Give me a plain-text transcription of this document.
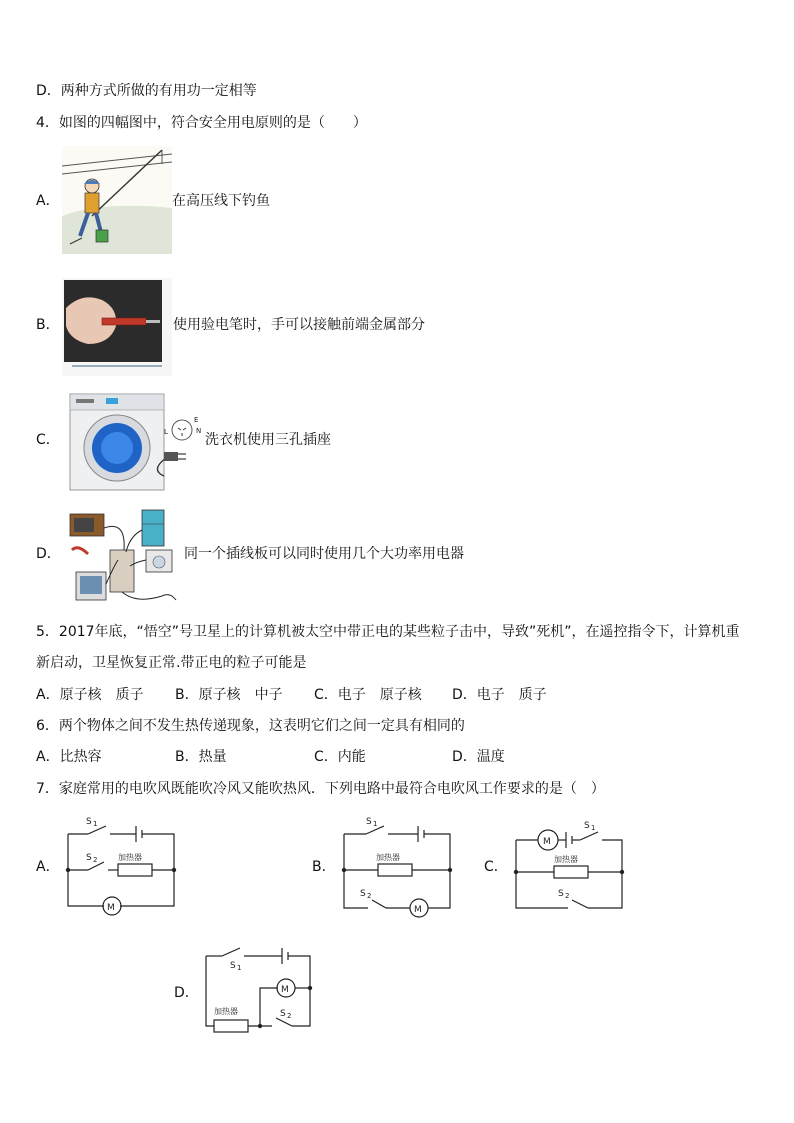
D．两种方式所做的有用功一定相等
4．如图的四幅图中，符合安全用电原则的是（　　）
A．	在高压线下钓鱼
B．	使用验电笔时，手可以接触前端金属部分
C．	L
E
N
洗衣机使用三孔插座
D．	同一个插线板可以同时使用几个大功率用电器
5．2017年底，“悟空”号卫星上的计算机被太空中带正电的某些粒子击中，导致”死机”，在遥控指令下，计算机重
新启动，卫星恢复正常.带正电的粒子可能是
A．原子核　质子 B．原子核　中子 C．电子　原子核 D．电子　质子
6．两个物体之间不发生热传递现象，这表明它们之间一定具有相同的
A．比热容	B．热量	C．内能	D．温度
7．家庭常用的电吹风既能吹冷风又能吹热风．下列电路中最符合电吹风工作要求的是（　）
A．
S 1
S 2	加热器
M
B．
S 1
加热器
S 2
M
C．
M
S 1
加热器
S 2
D．
S 1
M
加热器	S 2
